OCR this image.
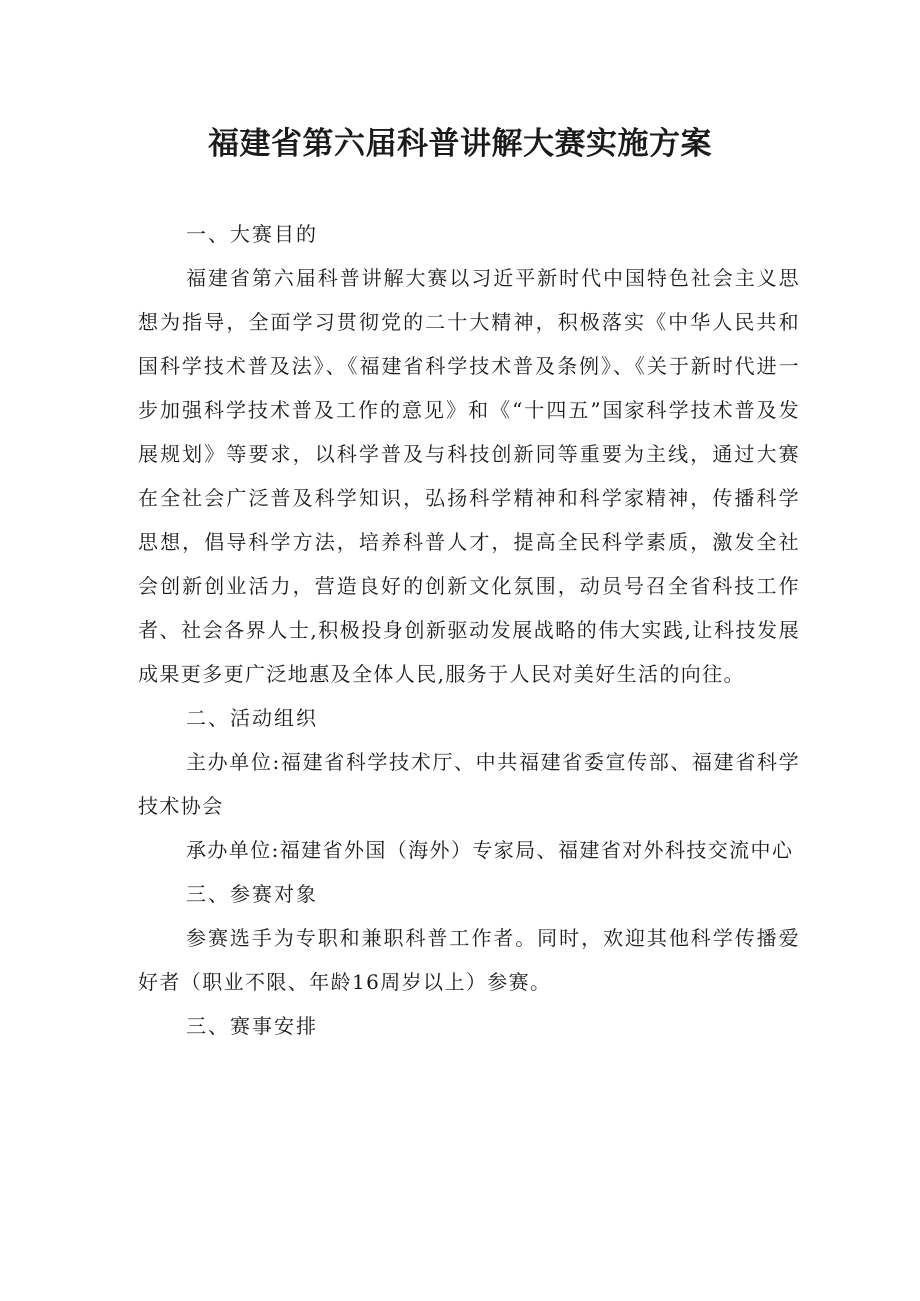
福建省第六届科普讲解大赛实施方案

一、大赛目的

福建省第六届科普讲解大赛以习近平新时代中国特色社会主义思想为指导，全面学习贯彻党的二十大精神，积极落实《中华人民共和国科学技术普及法》、《福建省科学技术普及条例》、《关于新时代进一步加强科学技术普及工作的意见》和《“十四五”国家科学技术普及发展规划》等要求，以科学普及与科技创新同等重要为主线，通过大赛在全社会广泛普及科学知识，弘扬科学精神和科学家精神，传播科学思想，倡导科学方法，培养科普人才，提高全民科学素质，激发全社会创新创业活力，营造良好的创新文化氛围，动员号召全省科技工作者、社会各界人士,积极投身创新驱动发展战略的伟大实践,让科技发展成果更多更广泛地惠及全体人民,服务于人民对美好生活的向往。

二、活动组织

主办单位:福建省科学技术厅、中共福建省委宣传部、福建省科学技术协会

承办单位:福建省外国（海外）专家局、福建省对外科技交流中心

三、参赛对象

参赛选手为专职和兼职科普工作者。同时，欢迎其他科学传播爱好者（职业不限、年龄16周岁以上）参赛。

三、赛事安排
